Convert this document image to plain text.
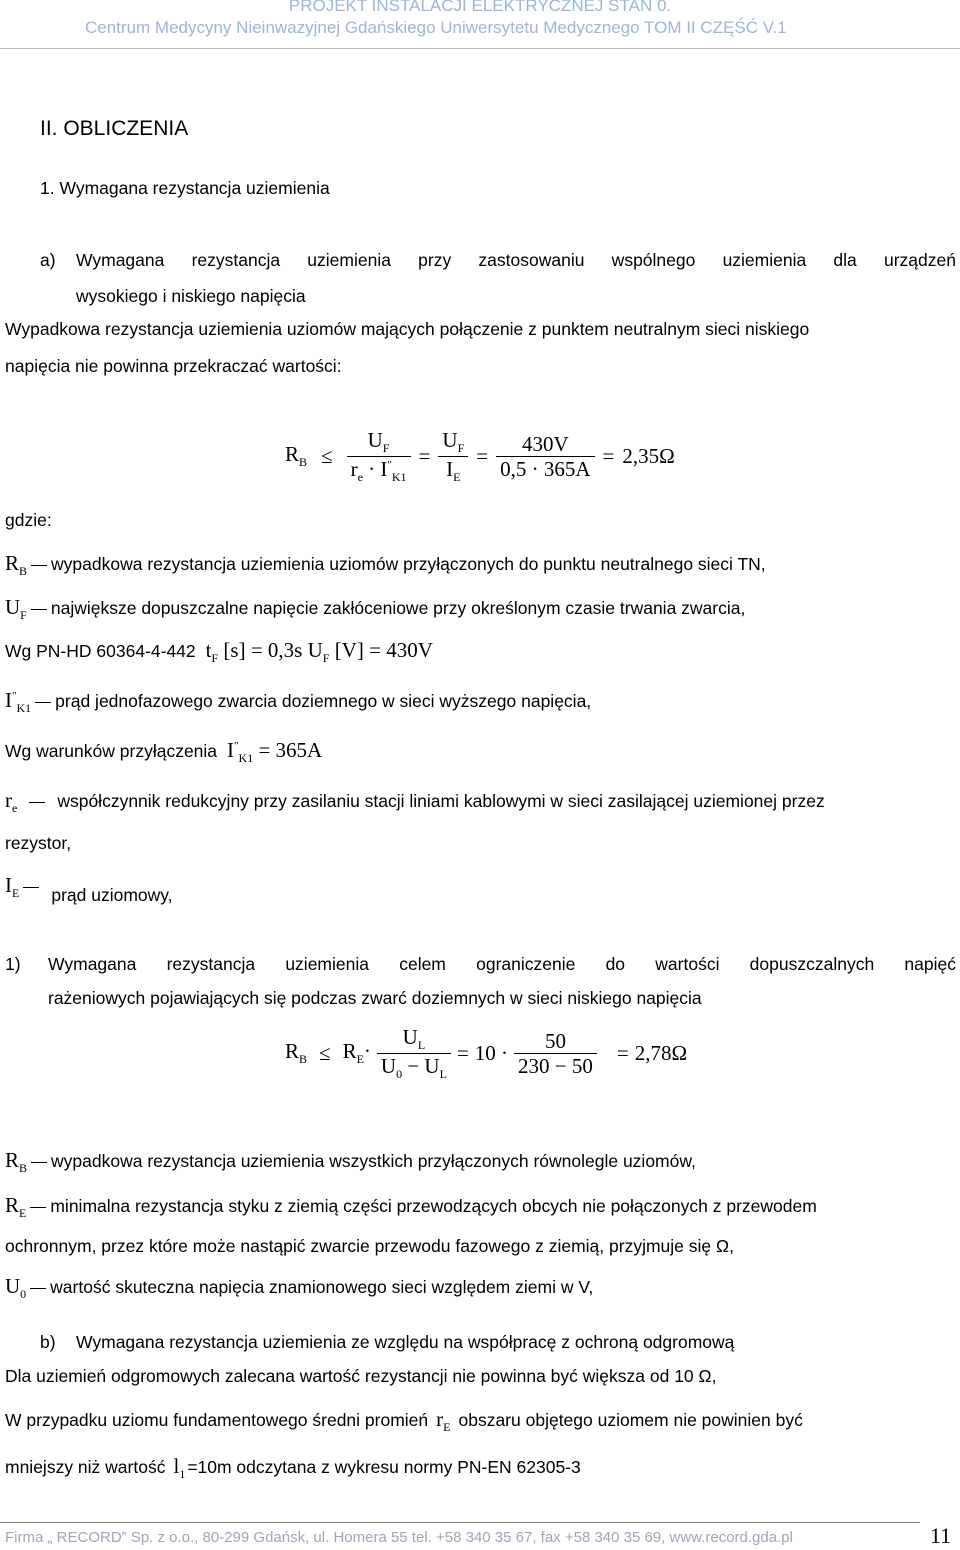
PROJEKT INSTALACJI ELEKTRYCZNEJ STAN 0.
Centrum Medycyny Nieinwazyjnej Gdańskiego Uniwersytetu Medycznego TOM II CZĘŚĆ V.1
II. OBLICZENIA
1. Wymagana rezystancja uziemienia
a) Wymagana rezystancja uziemienia przy zastosowaniu wspólnego uziemienia dla urządzeń
wysokiego i niskiego napięcia
Wypadkowa rezystancja uziemienia uziomów mających połączenie z punktem neutralnym sieci niskiego
napięcia nie powinna przekraczać wartości:
$R_B \le \frac{U_F}{r_e \cdot I^"_{K1}} = \frac{U_F}{I_E} = \frac{430V}{0,5 \cdot 365A} = 2,35\Omega$
gdzie:
$R_B$ wypadkowa rezystancja uziemienia uziomów przyłączonych do punktu neutralnego sieci TN,
$U_F$ największe dopuszczalne napięcie zakłóceniowe przy określonym czasie trwania zwarcia,
Wg PN-HD 60364-4-442 $t_F$ [s] = 0,3s $U_F$ [V] = 430V
$I^"_{K1}$ prąd jednofazowego zwarcia doziemnego w sieci wyższego napięcia,
Wg warunków przyłączenia $I^"_{K1} = 365A$
$r_e$ współczynnik redukcyjny przy zasilaniu stacji liniami kablowymi w sieci zasilającej uziemionej przez
rezystor,
$I_E$ prąd uziomowy,
1) Wymagana rezystancja uziemienia celem ograniczenie do wartości dopuszczalnych napięć
rażeniowych pojawiających się podczas zwarć doziemnych w sieci niskiego napięcia
$R_B \le R_E\cdot \frac{U_L}{U_0 - U_L} = 10 \cdot \frac{50}{230 - 50} = 2,78\Omega$
$R_B$ wypadkowa rezystancja uziemienia wszystkich przyłączonych równolegle uziomów,
$R_E$ minimalna rezystancja styku z ziemią części przewodzących obcych nie połączonych z przewodem
ochronnym, przez które może nastąpić zwarcie przewodu fazowego z ziemią, przyjmuje się Ω,
$U_0$ wartość skuteczna napięcia znamionowego sieci względem ziemi w V,
b) Wymagana rezystancja uziemienia ze względu na współpracę z ochroną odgromową
Dla uziemień odgromowych zalecana wartość rezystancji nie powinna być większa od 10 Ω,
W przypadku uziomu fundamentowego średni promień $r_E$ obszaru objętego uziomem nie powinien być
mniejszy niż wartość $l_1 =10m$ odczytana z wykresu normy PN-EN 62305-3
Firma „ RECORD” Sp. z o.o., 80-299 Gdańsk, ul. Homera 55 tel. +58 340 35 67, fax +58 340 35 69, www.record.gda.pl	11
